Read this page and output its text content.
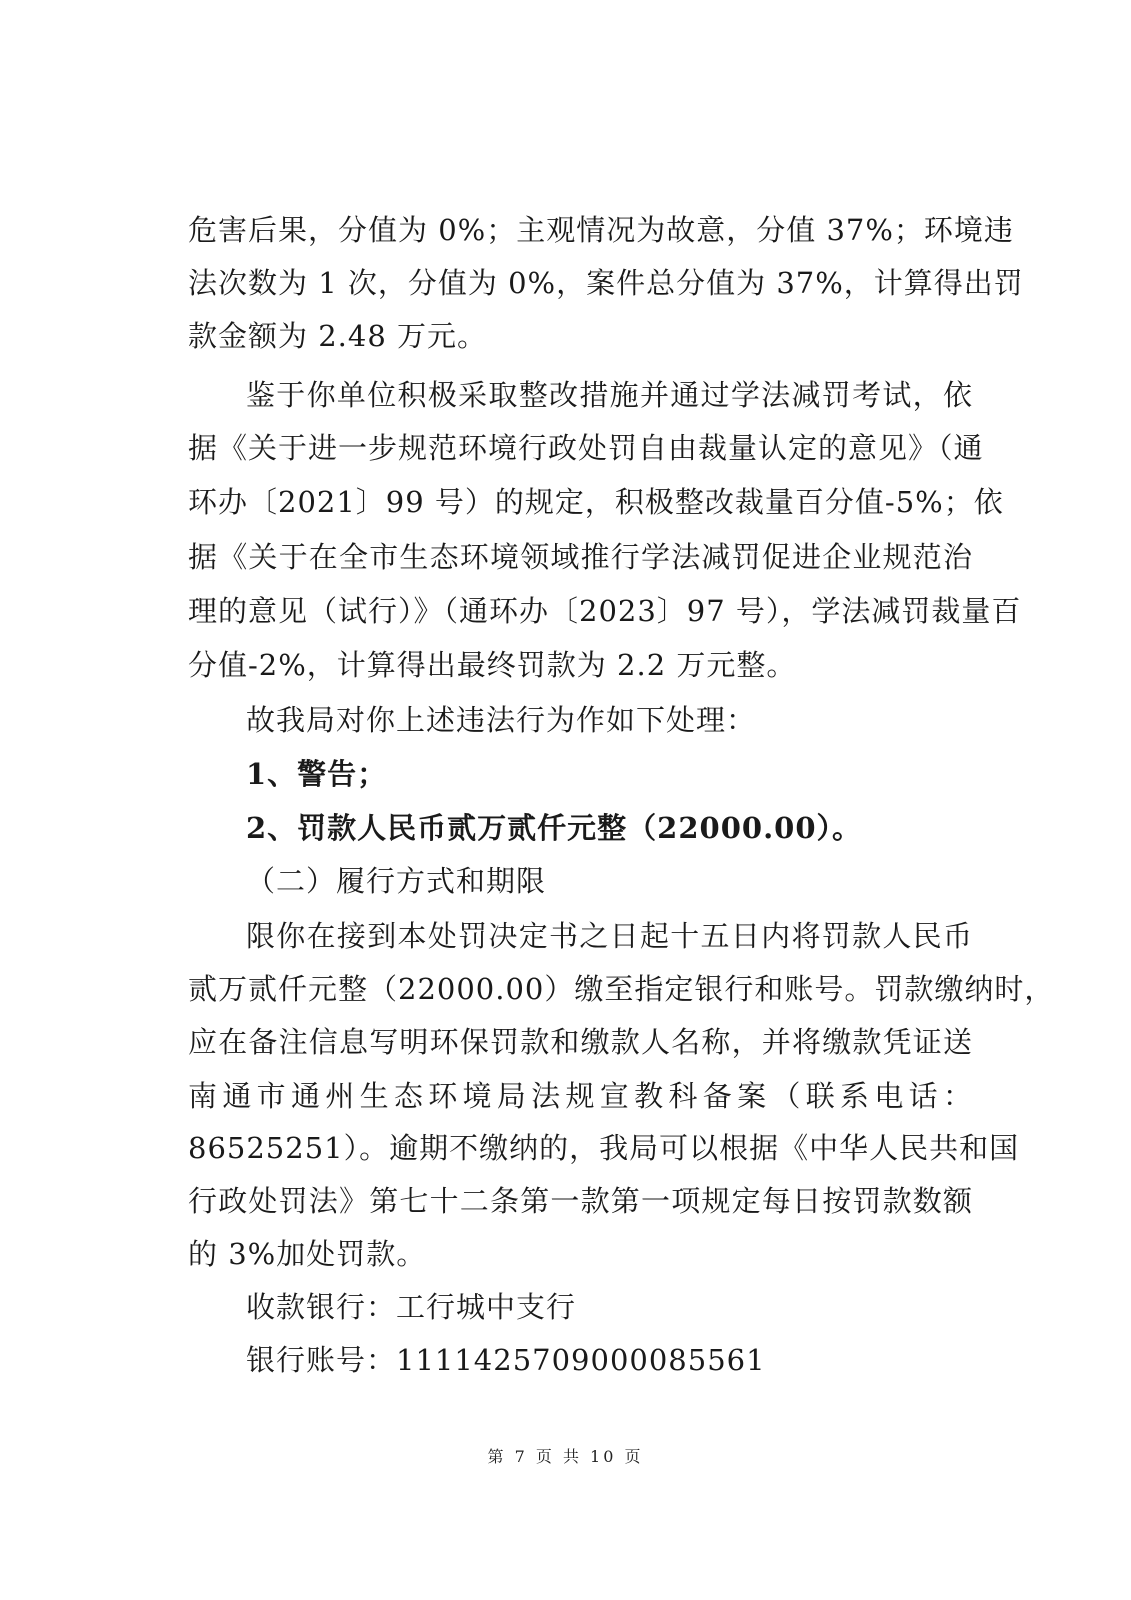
危害后果，分值为 0%；主观情况为故意，分值 37%；环境违
法次数为 1 次，分值为 0%，案件总分值为 37%，计算得出罚
款金额为 2.48 万元。
鉴于你单位积极采取整改措施并通过学法减罚考试，依
据《关于进一步规范环境行政处罚自由裁量认定的意见》（通
环办〔2021〕99 号）的规定，积极整改裁量百分值-5%；依
据《关于在全市生态环境领域推行学法减罚促进企业规范治
理的意见（试行）》（通环办〔2023〕97 号），学法减罚裁量百
分值-2%，计算得出最终罚款为 2.2 万元整。
故我局对你上述违法行为作如下处理：
1、警告；
2、罚款人民币贰万贰仟元整（22000.00）。
（二）履行方式和期限
限你在接到本处罚决定书之日起十五日内将罚款人民币
贰万贰仟元整（22000.00）缴至指定银行和账号。罚款缴纳时，
应在备注信息写明环保罚款和缴款人名称，并将缴款凭证送
南通市通州生态环境局法规宣教科备案（联系电话：
86525251）。逾期不缴纳的，我局可以根据《中华人民共和国
行政处罚法》第七十二条第一款第一项规定每日按罚款数额
的 3%加处罚款。
收款银行：工行城中支行
银行账号：1111425709000085561
第 7 页 共 10 页
